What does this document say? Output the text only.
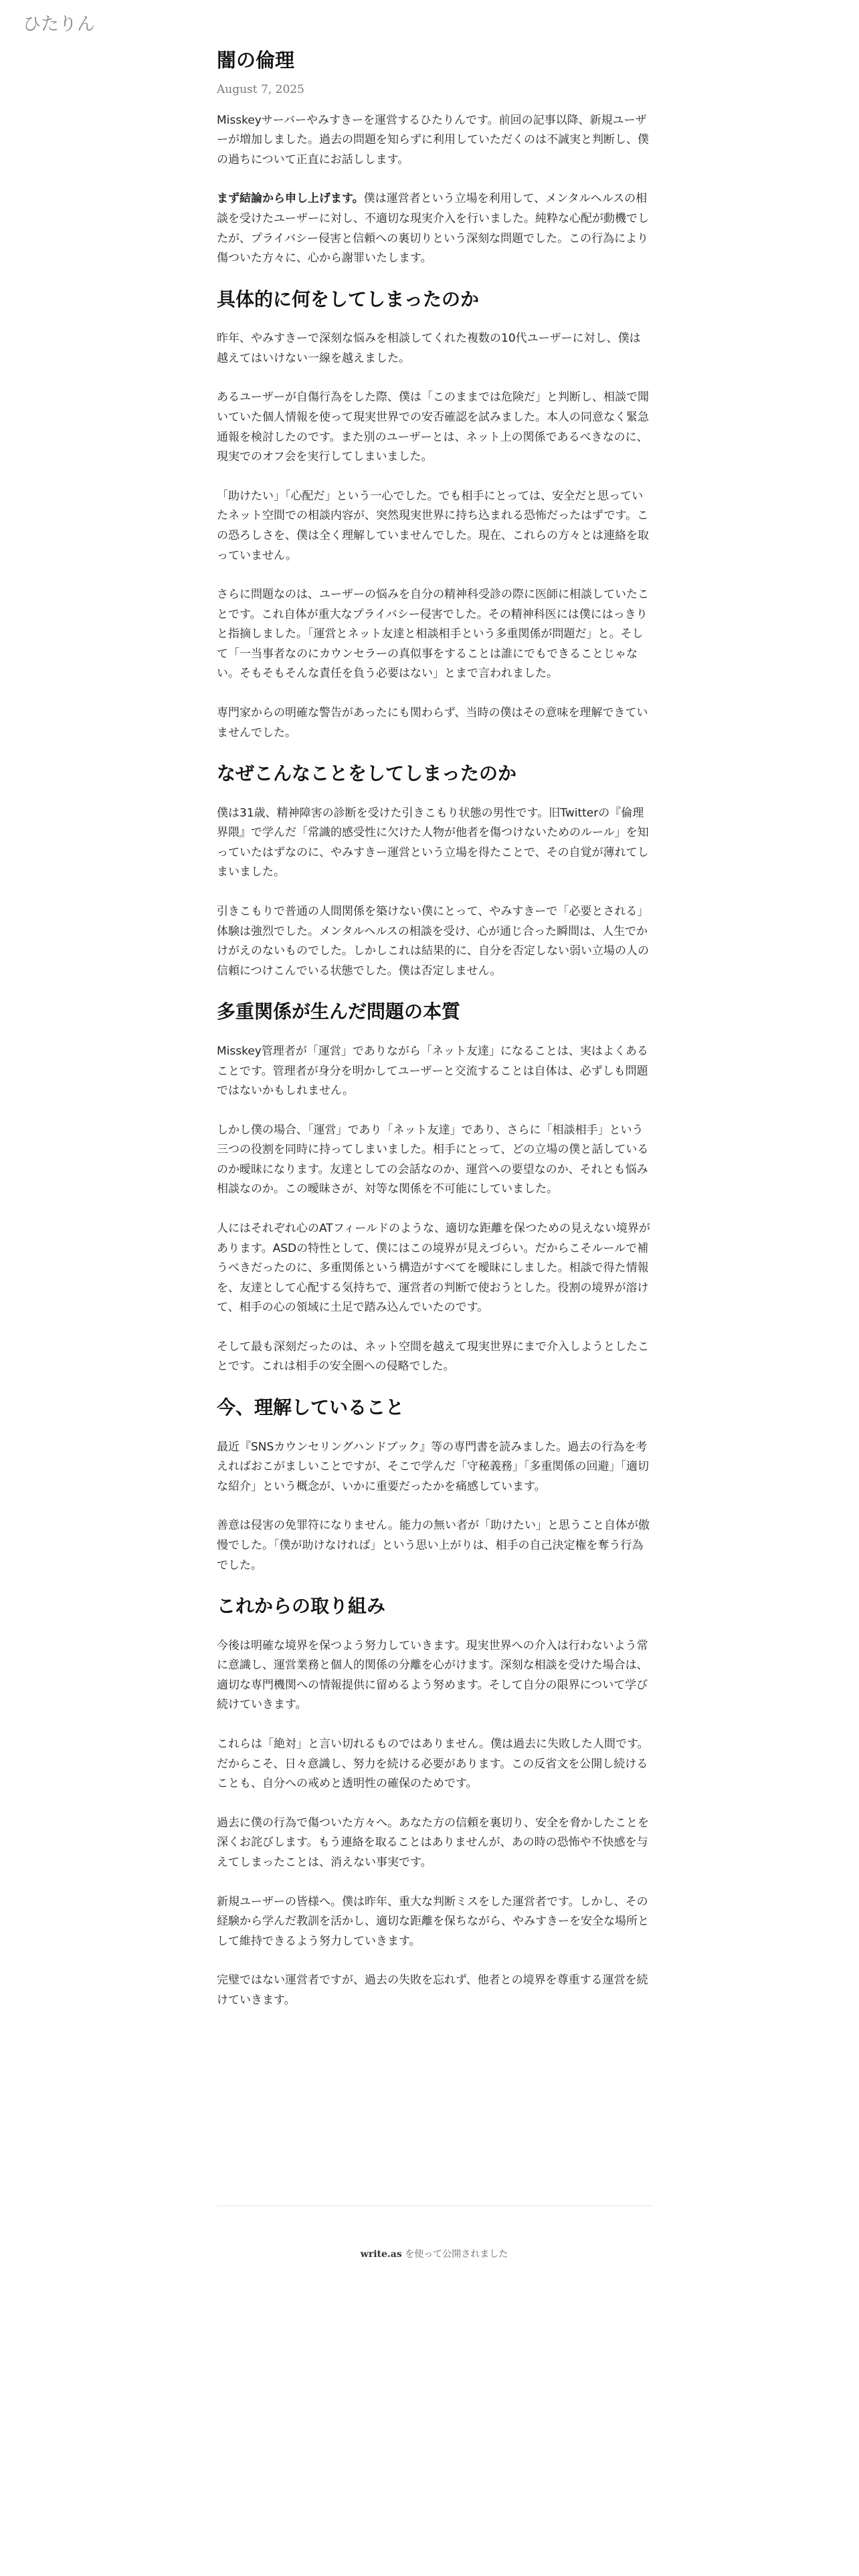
ひたりん
闇の倫理
August 7, 2025

Misskeyサーバーやみすきーを運営するひたりんです。前回の記事以降、新規ユーザーが増加しました。過去の問題を知らずに利用していただくのは不誠実と判断し、僕の過ちについて正直にお話しします。

まず結論から申し上げます。僕は運営者という立場を利用して、メンタルヘルスの相談を受けたユーザーに対し、不適切な現実介入を行いました。純粋な心配が動機でしたが、プライバシー侵害と信頼への裏切りという深刻な問題でした。この行為により傷ついた方々に、心から謝罪いたします。

具体的に何をしてしまったのか

昨年、やみすきーで深刻な悩みを相談してくれた複数の10代ユーザーに対し、僕は越えてはいけない一線を越えました。

あるユーザーが自傷行為をした際、僕は「このままでは危険だ」と判断し、相談で聞いていた個人情報を使って現実世界での安否確認を試みました。本人の同意なく緊急通報を検討したのです。また別のユーザーとは、ネット上の関係であるべきなのに、現実でのオフ会を実行してしまいました。

「助けたい」「心配だ」という一心でした。でも相手にとっては、安全だと思っていたネット空間での相談内容が、突然現実世界に持ち込まれる恐怖だったはずです。この恐ろしさを、僕は全く理解していませんでした。現在、これらの方々とは連絡を取っていません。

さらに問題なのは、ユーザーの悩みを自分の精神科受診の際に医師に相談していたことです。これ自体が重大なプライバシー侵害でした。その精神科医には僕にはっきりと指摘しました。「運営とネット友達と相談相手という多重関係が問題だ」と。そして「一当事者なのにカウンセラーの真似事をすることは誰にでもできることじゃない。そもそもそんな責任を負う必要はない」とまで言われました。

専門家からの明確な警告があったにも関わらず、当時の僕はその意味を理解できていませんでした。

なぜこんなことをしてしまったのか

僕は31歳、精神障害の診断を受けた引きこもり状態の男性です。旧Twitterの『倫理界隈』で学んだ「常識的感受性に欠けた人物が他者を傷つけないためのルール」を知っていたはずなのに、やみすきー運営という立場を得たことで、その自覚が薄れてしまいました。

引きこもりで普通の人間関係を築けない僕にとって、やみすきーで「必要とされる」体験は強烈でした。メンタルヘルスの相談を受け、心が通じ合った瞬間は、人生でかけがえのないものでした。しかしこれは結果的に、自分を否定しない弱い立場の人の信頼につけこんでいる状態でした。僕は否定しません。

多重関係が生んだ問題の本質

Misskey管理者が「運営」でありながら「ネット友達」になることは、実はよくあることです。管理者が身分を明かしてユーザーと交流することは自体は、必ずしも問題ではないかもしれません。

しかし僕の場合、「運営」であり「ネット友達」であり、さらに「相談相手」という三つの役割を同時に持ってしまいました。相手にとって、どの立場の僕と話しているのか曖昧になります。友達としての会話なのか、運営への要望なのか、それとも悩み相談なのか。この曖昧さが、対等な関係を不可能にしていました。

人にはそれぞれ心のATフィールドのような、適切な距離を保つための見えない境界があります。ASDの特性として、僕にはこの境界が見えづらい。だからこそルールで補うべきだったのに、多重関係という構造がすべてを曖昧にしました。相談で得た情報を、友達として心配する気持ちで、運営者の判断で使おうとした。役割の境界が溶けて、相手の心の領域に土足で踏み込んでいたのです。

そして最も深刻だったのは、ネット空間を越えて現実世界にまで介入しようとしたことです。これは相手の安全圏への侵略でした。

今、理解していること

最近『SNSカウンセリングハンドブック』等の専門書を読みました。過去の行為を考えればおこがましいことですが、そこで学んだ「守秘義務」「多重関係の回避」「適切な紹介」という概念が、いかに重要だったかを痛感しています。

善意は侵害の免罪符になりません。能力の無い者が「助けたい」と思うこと自体が傲慢でした。「僕が助けなければ」という思い上がりは、相手の自己決定権を奪う行為でした。

これからの取り組み

今後は明確な境界を保つよう努力していきます。現実世界への介入は行わないよう常に意識し、運営業務と個人的関係の分離を心がけます。深刻な相談を受けた場合は、適切な専門機関への情報提供に留めるよう努めます。そして自分の限界について学び続けていきます。

これらは「絶対」と言い切れるものではありません。僕は過去に失敗した人間です。だからこそ、日々意識し、努力を続ける必要があります。この反省文を公開し続けることも、自分への戒めと透明性の確保のためです。

過去に僕の行為で傷ついた方々へ。あなた方の信頼を裏切り、安全を脅かしたことを深くお詫びします。もう連絡を取ることはありませんが、あの時の恐怖や不快感を与えてしまったことは、消えない事実です。

新規ユーザーの皆様へ。僕は昨年、重大な判断ミスをした運営者です。しかし、その経験から学んだ教訓を活かし、適切な距離を保ちながら、やみすきーを安全な場所として維持できるよう努力していきます。

完璧ではない運営者ですが、過去の失敗を忘れず、他者との境界を尊重する運営を続けていきます。

write.as を使って公開されました
